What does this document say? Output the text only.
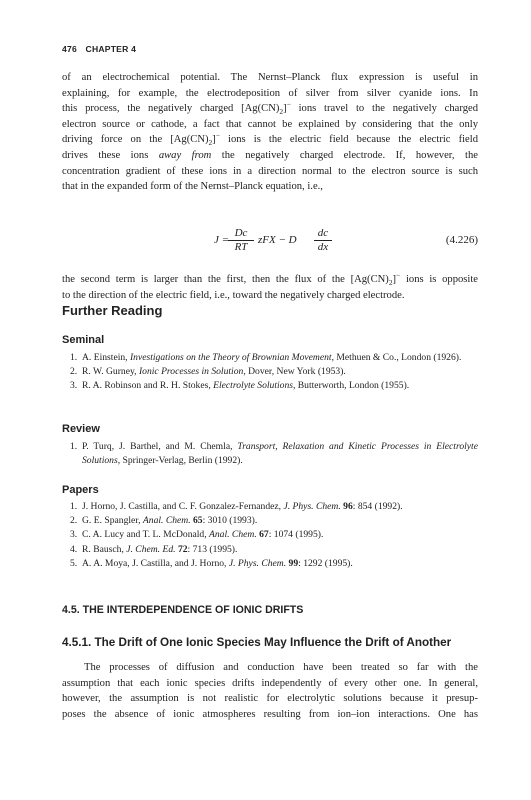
476 CHAPTER 4
of an electrochemical potential. The Nernst–Planck flux expression is useful in
explaining, for example, the electrodeposition of silver from silver cyanide ions. In
this process, the negatively charged $[Ag(CN)_2]^-$ ions travel to the negatively charged
electron source or cathode, a fact that cannot be explained by considering that the only
driving force on the $[Ag(CN)_2]^-$ ions is the electric field because the electric field
drives these ions away from the negatively charged electrode. If, however, the
concentration gradient of these ions in a direction normal to the electron source is such
that in the expanded form of the Nernst–Planck equation, i.e.,
J =
$\frac{Dc}{RT}$ zFX − D $\frac{dc}{dx}$	(4.226)
the second term is larger than the first, then the flux of the $[Ag(CN)_2]^-$ ions is opposite
to the direction of the electric field, i.e., toward the negatively charged electrode.
Further Reading
Seminal
1. A. Einstein, Investigations on the Theory of Brownian Movement, Methuen & Co., London (1926).
2. R. W. Gurney, Ionic Processes in Solution, Dover, New York (1953).
3. R. A. Robinson and R. H. Stokes, Electrolyte Solutions, Butterworth, London (1955).
Review
1. P. Turq, J. Barthel, and M. Chemla, Transport, Relaxation and Kinetic Processes in Electrolyte Solutions, Springer-Verlag, Berlin (1992).
Papers
1. J. Horno, J. Castilla, and C. F. Gonzalez-Fernandez, J. Phys. Chem. 96: 854 (1992).
2. G. E. Spangler, Anal. Chem. 65: 3010 (1993).
3. C. A. Lucy and T. L. McDonald, Anal. Chem. 67: 1074 (1995).
4. R. Bausch, J. Chem. Ed. 72: 713 (1995).
5. A. A. Moya, J. Castilla, and J. Horno, J. Phys. Chem. 99: 1292 (1995).
4.5. THE INTERDEPENDENCE OF IONIC DRIFTS
4.5.1. The Drift of One Ionic Species May Influence the Drift of Another
The processes of diffusion and conduction have been treated so far with the
assumption that each ionic species drifts independently of every other one. In general,
however, the assumption is not realistic for electrolytic solutions because it presup-
poses the absence of ionic atmospheres resulting from ion–ion interactions. One has
